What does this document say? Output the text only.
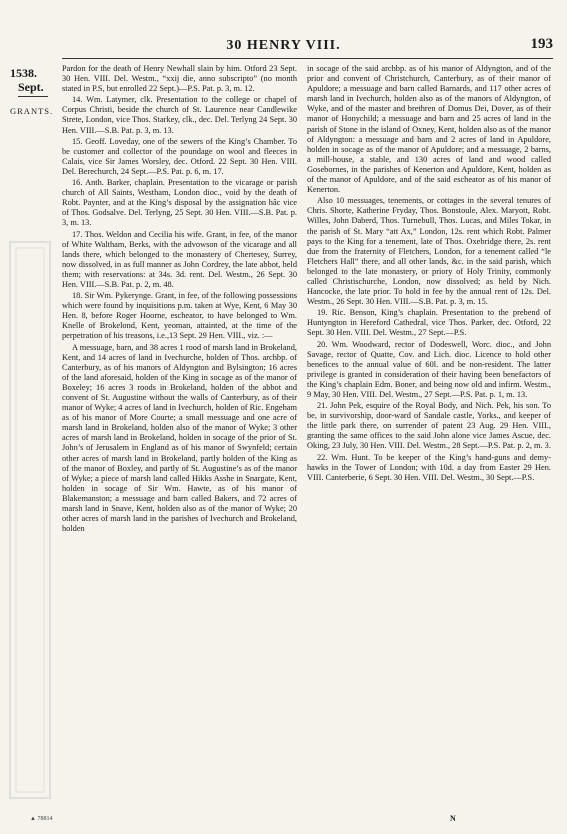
30 HENRY VIII.	193
1538.
Sept.
GRANTS.

Pardon for the death of Henry Newhall slain by him. Otford 23 Sept. 30 Hen. VIII. Del. Westm., “xxij die, anno subscripto” (no month stated in P.S, but enrolled 22 Sept.)—P.S. Pat. p. 3, m. 12.

14. Wm. Latymer, clk. Presentation to the college or chapel of Corpus Christi, beside the church of St. Laurence near Candlewike Strete, London, vice Thos. Starkey, clk., dec. Del. Terlyng 24 Sept. 30 Hen. VIII.—S.B. Pat. p. 3, m. 13.

15. Geoff. Loveday, one of the sewers of the King’s Chamber. To be customer and collector of the poundage on wool and fleeces in Calais, vice Sir James Worsley, dec. Otford. 22 Sept. 30 Hen. VIII. Del. Berechurch, 24 Sept.—P.S. Pat. p. 6, m. 17.

16. Anth. Barker, chaplain. Presentation to the vicarage or parish church of All Saints, Westham, London dioc., void by the death of Robt. Paynter, and at the King’s disposal by the assignation hâc vice of Thos. Godsalve. Del. Terlyng, 25 Sept. 30 Hen. VIII.—S.B. Pat. p. 3, m. 13.

17. Thos. Weldon and Cecilia his wife. Grant, in fee, of the manor of White Waltham, Berks, with the advowson of the vicarage and all lands there, which belonged to the monastery of Chertesey, Surrey, now dissolved, in as full manner as John Cordrey, the late abbot, held them; with reservations: at 34s. 3d. rent. Del. Westm., 26 Sept. 30 Hen. VIII.—S.B. Pat. p. 2, m. 48.

18. Sir Wm. Pykerynge. Grant, in fee, of the following possessions which were found by inquisitions p.m. taken at Wye, Kent, 6 May 30 Hen. 8, before Roger Hoorne, escheator, to have belonged to Wm. Knelle of Brokelond, Kent, yeoman, attainted, at the time of the perpetration of his treasons, i.e.,13 Sept. 29 Hen. VIII., viz. :—

A messuage, barn, and 38 acres 1 rood of marsh land in Brokeland, Kent, and 14 acres of land in Ivechurche, holden of Thos. archbp. of Canterbury, as of his manors of Aldyngton and Bylsington; 16 acres of the land aforesaid, holden of the King in socage as of the manor of Boxeley; 16 acres 3 roods in Brokeland, holden of the abbot and convent of St. Augustine without the walls of Canterbury, as of their manor of Wyke; 4 acres of land in Ivechurch, holden of Ric. Engeham as of his manor of More Courte; a small messuage and one acre of marsh land in Brokeland, holden also of the manor of Wyke; 3 other acres of marsh land in Brokeland, holden in socage of the prior of St. John’s of Jerusalem in England as of his manor of Swynfeld; certain other acres of marsh land in Brokeland, partly holden of the King as of the manor of Boxley, and partly of St. Augustine’s as of the manor of Wyke; a piece of marsh land called Hikks Asshe in Snargate, Kent, holden in socage of Sir Wm. Hawte, as of his manor of Blakemanston; a messuage and barn called Bakers, and 72 acres of marsh land in Snave, Kent, holden also as of the manor of Wyke; 20 other acres of marsh land in the parishes of Ivechurch and Brokeland, holden

in socage of the said archbp. as of his manor of Aldyngton, and of the prior and convent of Christchurch, Canterbury, as of their manor of Apuldore; a messuage and barn called Barnards, and 117 other acres of marsh land in Ivechurch, holden also as of the manors of Aldyngton, of Wyke, and of the master and brethren of Domus Dei, Dover, as of their manor of Honychild; a messuage and barn and 25 acres of land in the parish of Stone in the island of Oxney, Kent, holden also as of the manor of Aldyngton: a messuage and barn and 2 acres of land in Apuldore, holden in socage as of the manor of Apuldore; and a messuage, 2 barns, a mill-house, a stable, and 130 acres of land and wood called Gosebornes, in the parishes of Kenerton and Apuldore, Kent, holden as of the manor of Apuldore, and of the said escheator as of his manor of Kenerton.

Also 10 messuages, tenements, or cottages in the several tenures of Chris. Shorte, Katherine Fryday, Thos. Bonstoule, Alex. Maryott, Robt. Willes, John Daberd, Thos. Turnebull, Thos. Lucas, and Miles Tokar, in the parish of St. Mary “att Ax,” London, 12s. rent which Robt. Palmer pays to the King for a tenement, late of Thos. Oxebridge there, 2s. rent due from the fraternity of Fletchers, London, for a tenement called “le Fletchers Hall” there, and all other lands, &c. in the said parish, which belonged to the late monastery, or priory of Holy Trinity, commonly called Christischurche, London, now dissolved; as held by Nich. Hancocke, the late prior. To hold in fee by the annual rent of 12s. Del. Westm., 26 Sept. 30 Hen. VIII.—S.B. Pat. p. 3, m. 15.

19. Ric. Benson, King’s chaplain. Presentation to the prebend of Huntyngton in Hereford Cathedral, vice Thos. Parker, dec. Otford, 22 Sept. 30 Hen. VIII. Del. Westm., 27 Sept.—P.S.

20. Wm. Woodward, rector of Dodeswell, Worc. dioc., and John Savage, rector of Quatte, Cov. and Lich. dioc. Licence to hold other benefices to the annual value of 60l. and be non-resident. The latter privilege is granted in consideration of their having been benefactors of the King’s chaplain Edm. Boner, and being now old and infirm. Westm., 9 May, 30 Hen. VIII. Del. Westm., 27 Sept.—P.S. Pat. p. 1, m. 13.

21. John Pek, esquire of the Royal Body, and Nich. Pek, his son. To be, in survivorship, door-ward of Sandale castle, Yorks., and keeper of the little park there, on surrender of patent 23 Aug. 29 Hen. VIII., granting the same offices to the said John alone vice James Ascue, dec. Oking, 23 July, 30 Hen. VIII. Del. Westm., 28 Sept.—P.S. Pat. p. 2, m. 3.

22. Wm. Hunt. To be keeper of the King’s hand-guns and demy-hawks in the Tower of London; with 10d. a day from Easter 29 Hen. VIII. Canterberie, 6 Sept. 30 Hen. VIII. Del. Westm., 30 Sept.—P.S.

▲ 78814	N
